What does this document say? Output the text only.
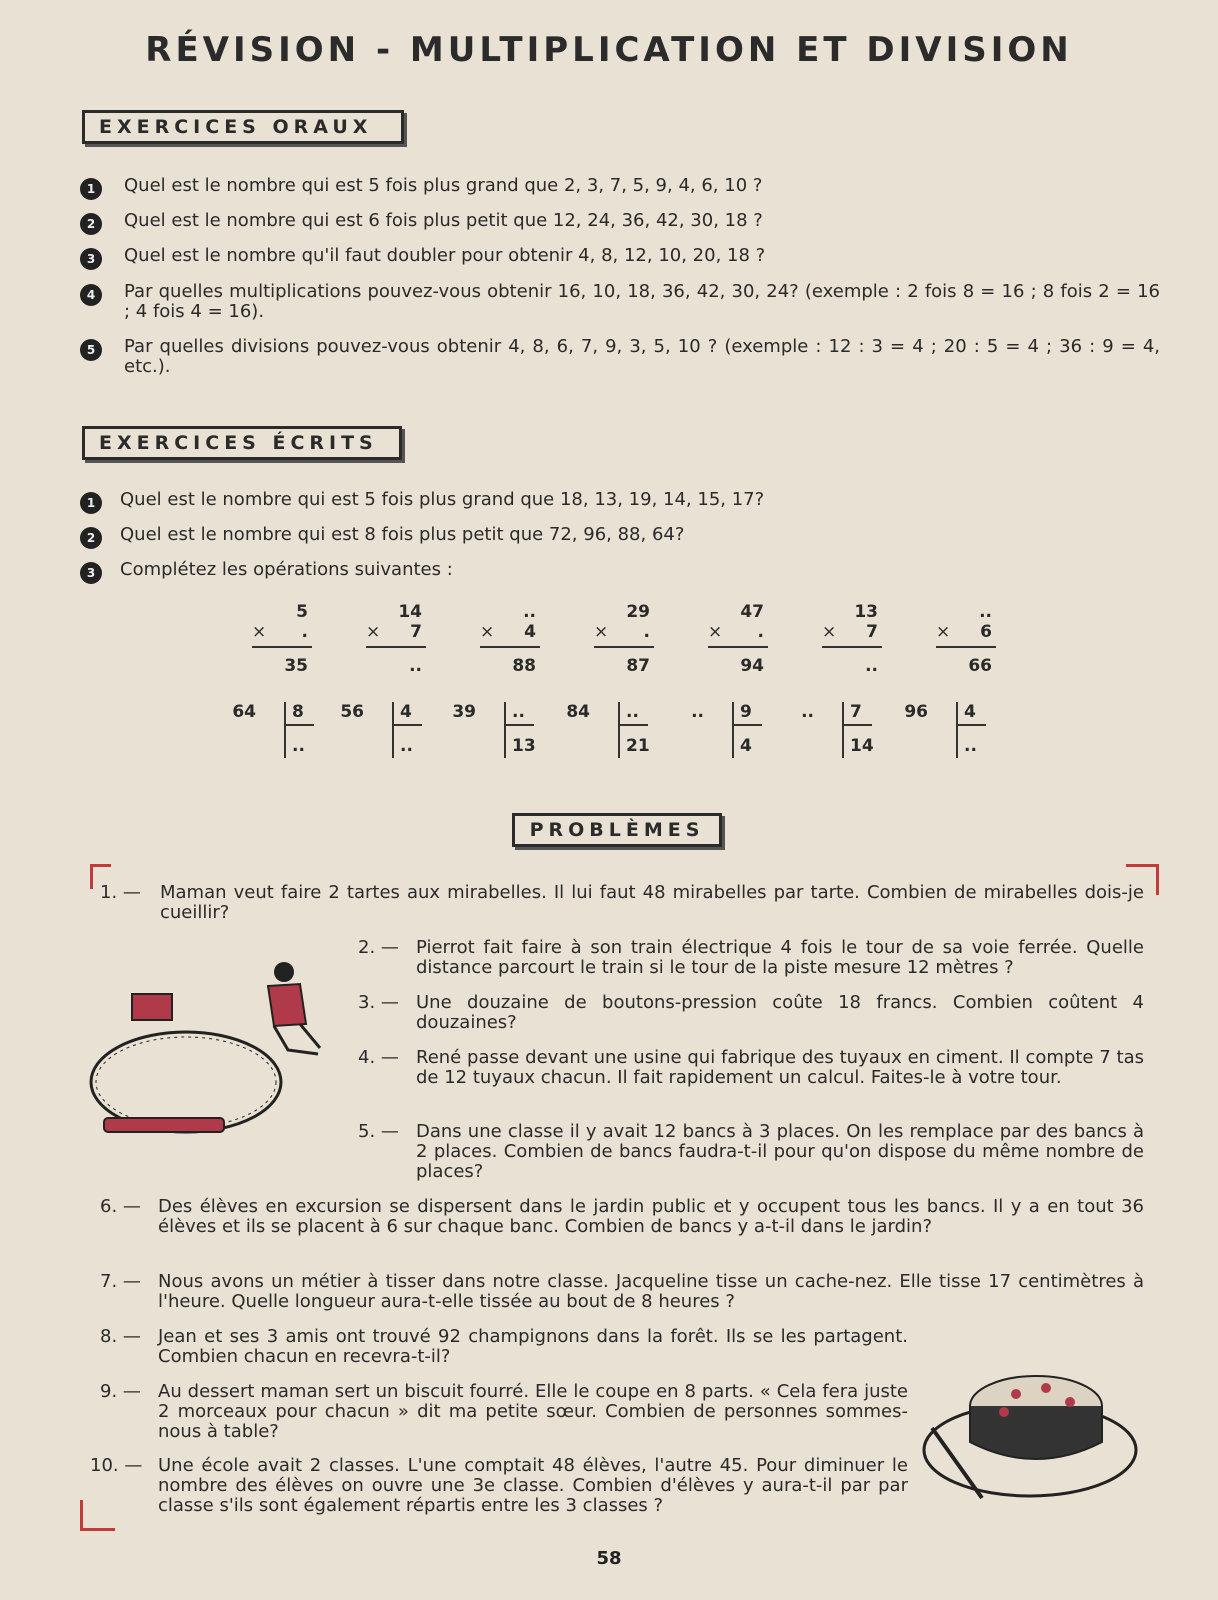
RÉVISION - MULTIPLICATION ET DIVISION
EXERCICES ORAUX
1	Quel est le nombre qui est 5 fois plus grand que 2, 3, 7, 5, 9, 4, 6, 10 ?
2	Quel est le nombre qui est 6 fois plus petit que 12, 24, 36, 42, 30, 18 ?
3	Quel est le nombre qu'il faut doubler pour obtenir 4, 8, 12, 10, 20, 18 ?
4	Par quelles multiplications pouvez-vous obtenir 16, 10, 18, 36, 42, 30, 24? (exemple : 2 fois 8 = 16 ; 8 fois 2 = 16 ; 4 fois 4 = 16).
5	Par quelles divisions pouvez-vous obtenir 4, 8, 6, 7, 9, 3, 5, 10 ? (exemple : 12 : 3 = 4 ; 20 : 5 = 4 ; 36 : 9 = 4, etc.).
EXERCICES ÉCRITS
1	Quel est le nombre qui est 5 fois plus grand que 18, 13, 19, 14, 15, 17?
2	Quel est le nombre qui est 8 fois plus petit que 72, 96, 88, 64?
3	Complétez les opérations suivantes :
5
× .
35
14
× 7
..
..
× 4
88
29
× .
87
47
× .
94
13
× 7
..
..
× 6
66
64 8
..
56 4
..
39 ..
13
84 ..
21
.. 9
4
.. 7
14
96 4
..
PROBLÈMES
1. — Maman veut faire 2 tartes aux mirabelles. Il lui faut 48 mirabelles par tarte. Combien de mirabelles dois-je cueillir?
2. — Pierrot fait faire à son train électrique 4 fois le tour de sa voie ferrée. Quelle distance parcourt le train si le tour de la piste mesure 12 mètres ?
3. — Une douzaine de boutons-pression coûte 18 francs. Combien coûtent 4 douzaines?
4. — René passe devant une usine qui fabrique des tuyaux en ciment. Il compte 7 tas de 12 tuyaux chacun. Il fait rapidement un calcul. Faites-le à votre tour.
5. — Dans une classe il y avait 12 bancs à 3 places. On les remplace par des bancs à 2 places. Combien de bancs faudra-t-il pour qu'on dispose du même nombre de places?
6. — Des élèves en excursion se dispersent dans le jardin public et y occupent tous les bancs. Il y a en tout 36 élèves et ils se placent à 6 sur chaque banc. Combien de bancs y a-t-il dans le jardin?
7. — Nous avons un métier à tisser dans notre classe. Jacqueline tisse un cache-nez. Elle tisse 17 centimètres à l'heure. Quelle longueur aura-t-elle tissée au bout de 8 heures ?
8. — Jean et ses 3 amis ont trouvé 92 champignons dans la forêt. Ils se les partagent. Combien chacun en recevra-t-il?
9. — Au dessert maman sert un biscuit fourré. Elle le coupe en 8 parts. « Cela fera juste 2 morceaux pour chacun » dit ma petite sœur. Combien de personnes sommes-nous à table?
10. — Une école avait 2 classes. L'une comptait 48 élèves, l'autre 45. Pour diminuer le nombre des élèves on ouvre une 3e classe. Combien d'élèves y aura-t-il par par classe s'ils sont également répartis entre les 3 classes ?
58
